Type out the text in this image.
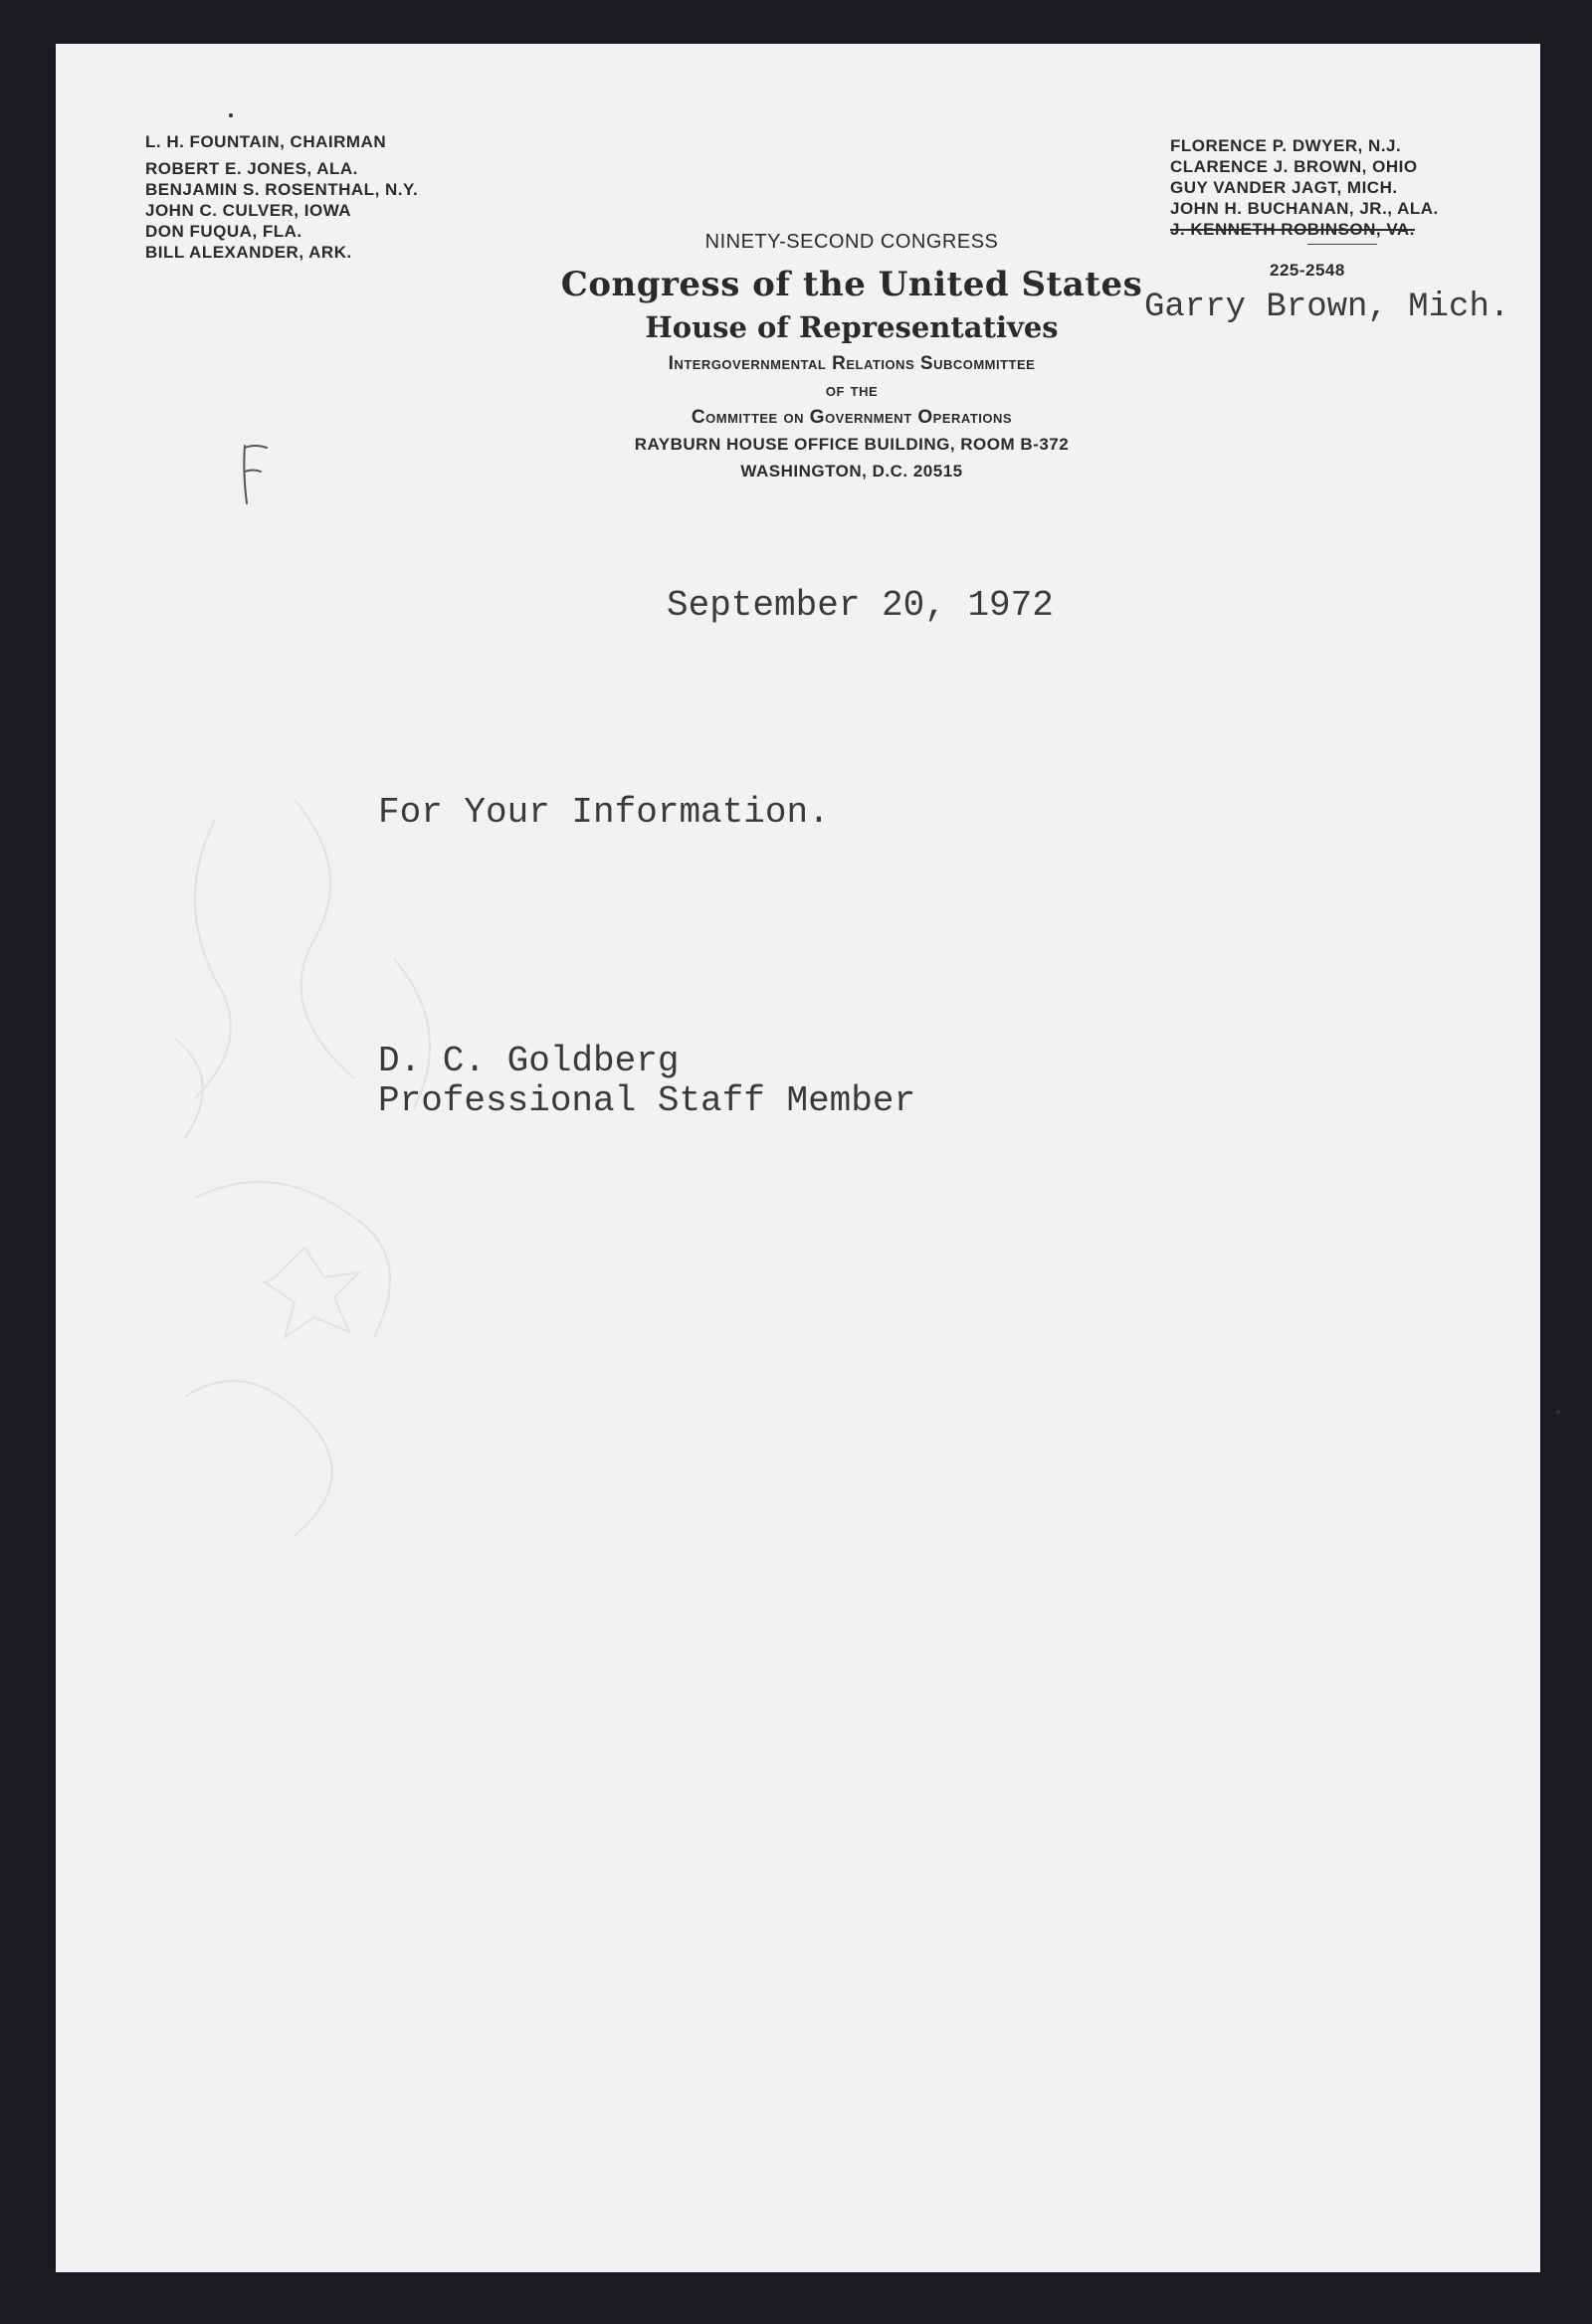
L. H. FOUNTAIN, CHAIRMAN
ROBERT E. JONES, ALA.
BENJAMIN S. ROSENTHAL, N.Y.
JOHN C. CULVER, IOWA
DON FUQUA, FLA.
BILL ALEXANDER, ARK.
FLORENCE P. DWYER, N.J.
CLARENCE J. BROWN, OHIO
GUY VANDER JAGT, MICH.
JOHN H. BUCHANAN, JR., ALA.
J. KENNETH ROBINSON, VA.
225-2548
Garry Brown, Mich.
NINETY-SECOND CONGRESS
Congress of the United States
House of Representatives
Intergovernmental Relations Subcommittee
of the
Committee on Government Operations
RAYBURN HOUSE OFFICE BUILDING, ROOM B-372
WASHINGTON, D.C. 20515
September 20, 1972
For Your Information.
D. C. Goldberg
Professional Staff Member
